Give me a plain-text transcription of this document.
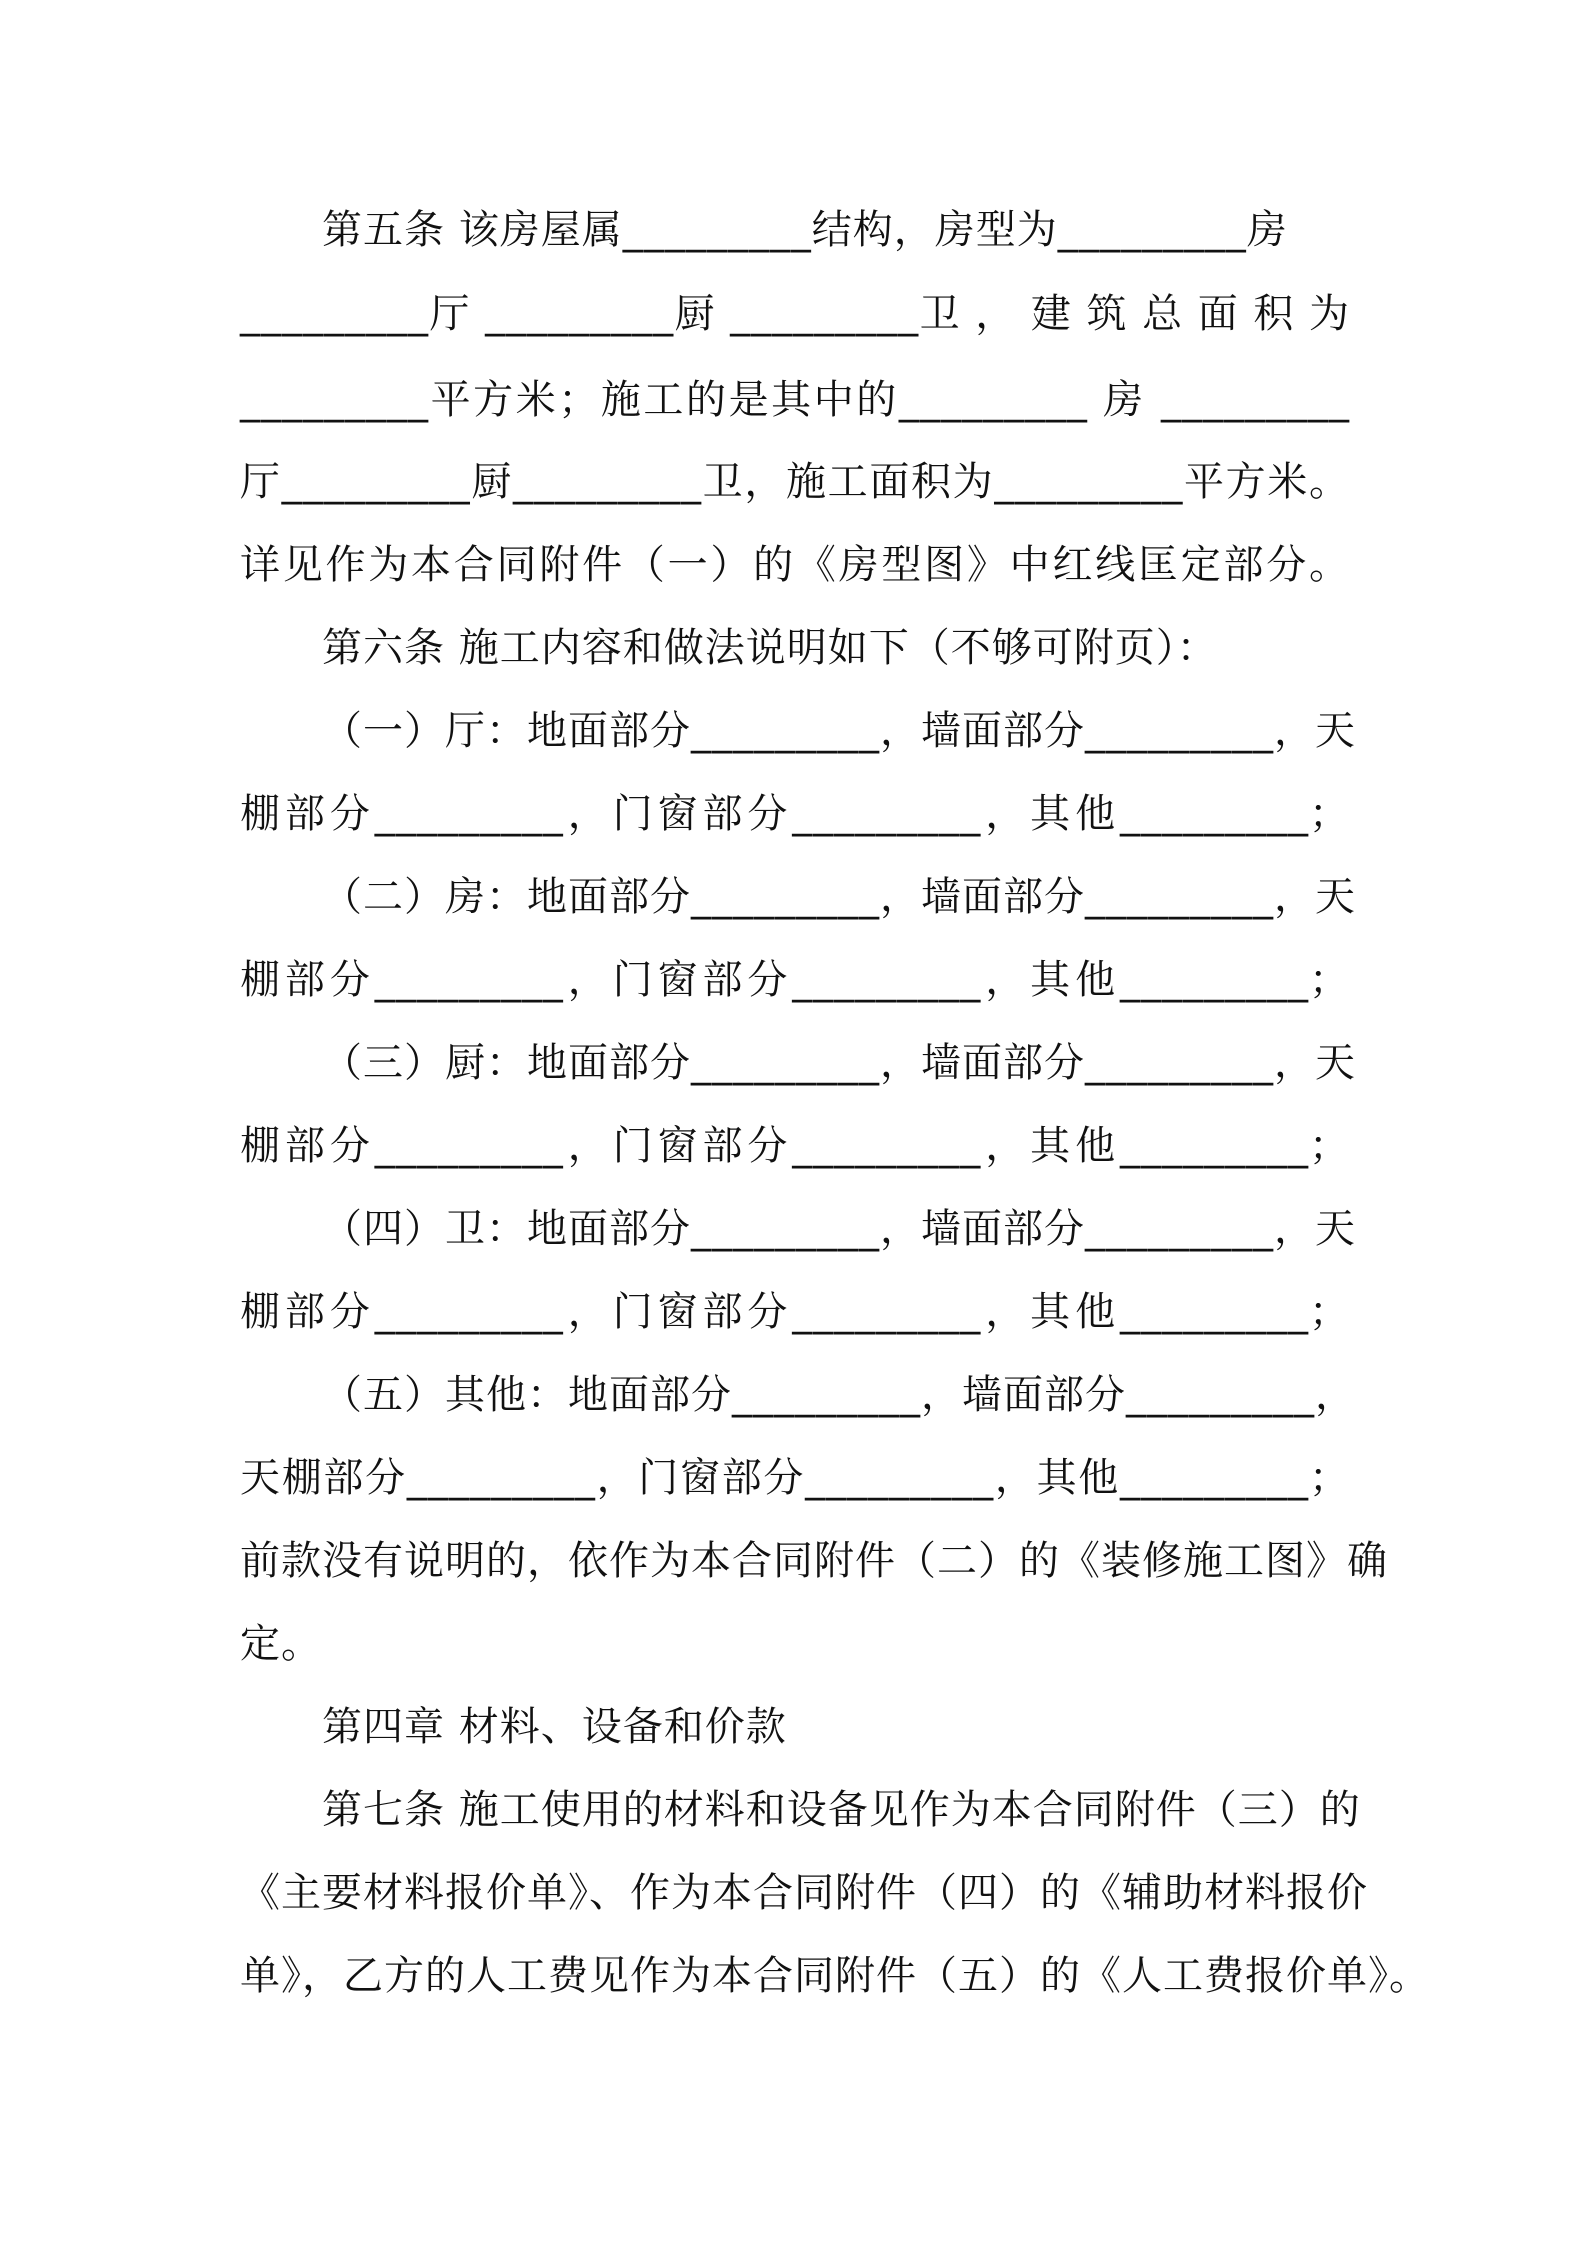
第五条 该房屋属_________结构，房型为_________房
_________厅 _________厨 _________卫 ， 建 筑 总 面 积 为
_________平方米；施工的是其中的_________ 房 _________
厅_________厨_________卫，施工面积为_________平方米。
详见作为本合同附件（一）的《房型图》中红线匡定部分。
第六条 施工内容和做法说明如下（不够可附页）：
（一）厅：地面部分_________，墙面部分_________，天
棚部分_________，门窗部分_________，其他_________；
（二）房：地面部分_________，墙面部分_________，天
棚部分_________，门窗部分_________，其他_________；
（三）厨：地面部分_________，墙面部分_________，天
棚部分_________，门窗部分_________，其他_________；
（四）卫：地面部分_________，墙面部分_________，天
棚部分_________，门窗部分_________，其他_________；
（五）其他：地面部分_________，墙面部分_________，
天棚部分_________，门窗部分_________，其他_________；
前款没有说明的，依作为本合同附件（二）的《装修施工图》确
定。
第四章 材料、设备和价款
第七条 施工使用的材料和设备见作为本合同附件（三）的
《主要材料报价单》、作为本合同附件（四）的《辅助材料报价
单》，乙方的人工费见作为本合同附件（五）的《人工费报价单》。
